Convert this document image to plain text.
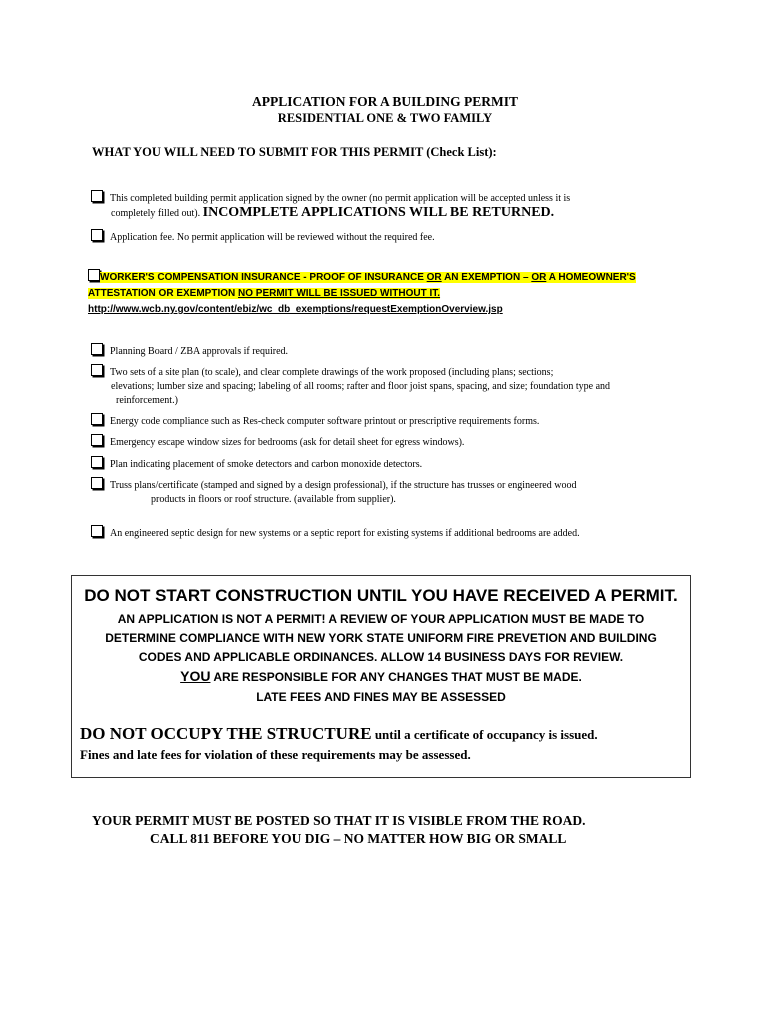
APPLICATION FOR A BUILDING PERMIT
RESIDENTIAL ONE & TWO FAMILY
WHAT YOU WILL NEED TO SUBMIT FOR THIS PERMIT (Check List):
This completed building permit application signed by the owner (no permit application will be accepted unless it is
completely filled out). INCOMPLETE APPLICATIONS WILL BE RETURNED.
Application fee. No permit application will be reviewed without the required fee.
WORKER'S COMPENSATION INSURANCE - PROOF OF INSURANCE OR AN EXEMPTION – OR A HOMEOWNER'S
ATTESTATION OR EXEMPTION NO PERMIT WILL BE ISSUED WITHOUT IT.
http://www.wcb.ny.gov/content/ebiz/wc_db_exemptions/requestExemptionOverview.jsp
Planning Board / ZBA approvals if required.
Two sets of a site plan (to scale), and clear complete drawings of the work proposed (including plans; sections;
elevations; lumber size and spacing; labeling of all rooms; rafter and floor joist spans, spacing, and size; foundation type and
reinforcement.)
Energy code compliance such as Res-check computer software printout or prescriptive requirements forms.
Emergency escape window sizes for bedrooms (ask for detail sheet for egress windows).
Plan indicating placement of smoke detectors and carbon monoxide detectors.
Truss plans/certificate (stamped and signed by a design professional), if the structure has trusses or engineered wood
products in floors or roof structure. (available from supplier).
An engineered septic design for new systems or a septic report for existing systems if additional bedrooms are added.
DO NOT START CONSTRUCTION UNTIL YOU HAVE RECEIVED A PERMIT.
AN APPLICATION IS NOT A PERMIT! A REVIEW OF YOUR APPLICATION MUST BE MADE TO
DETERMINE COMPLIANCE WITH NEW YORK STATE UNIFORM FIRE PREVETION AND BUILDING
CODES AND APPLICABLE ORDINANCES. ALLOW 14 BUSINESS DAYS FOR REVIEW.
YOU ARE RESPONSIBLE FOR ANY CHANGES THAT MUST BE MADE.
LATE FEES AND FINES MAY BE ASSESSED
DO NOT OCCUPY THE STRUCTURE until a certificate of occupancy is issued.
Fines and late fees for violation of these requirements may be assessed.
YOUR PERMIT MUST BE POSTED SO THAT IT IS VISIBLE FROM THE ROAD.
CALL 811 BEFORE YOU DIG – NO MATTER HOW BIG OR SMALL
